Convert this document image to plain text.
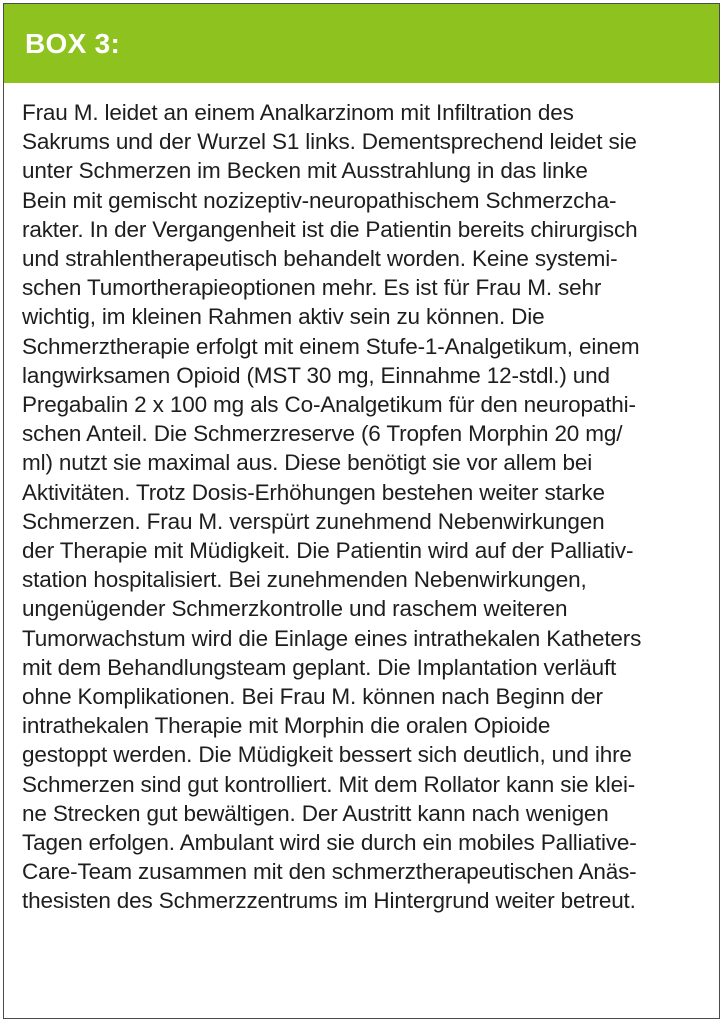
BOX 3:
Frau M. leidet an einem Analkarzinom mit Infiltration des
Sakrums und der Wurzel S1 links. Dementsprechend leidet sie
unter Schmerzen im Becken mit Ausstrahlung in das linke
Bein mit gemischt nozizeptiv-neuropathischem Schmerzcha-
rakter. In der Vergangenheit ist die Patientin bereits chirurgisch
und strahlentherapeutisch behandelt worden. Keine systemi-
schen Tumortherapieoptionen mehr. Es ist für Frau M. sehr
wichtig, im kleinen Rahmen aktiv sein zu können. Die
Schmerztherapie erfolgt mit einem Stufe-1-Analgetikum, einem
langwirksamen Opioid (MST 30 mg, Einnahme 12-stdl.) und
Pregabalin 2 x 100 mg als Co-Analgetikum für den neuropathi-
schen Anteil. Die Schmerzreserve (6 Tropfen Morphin 20 mg/
ml) nutzt sie maximal aus. Diese benötigt sie vor allem bei
Aktivitäten. Trotz Dosis-Erhöhungen bestehen weiter starke
Schmerzen. Frau M. verspürt zunehmend Nebenwirkungen
der Therapie mit Müdigkeit. Die Patientin wird auf der Palliativ-
station hospitalisiert. Bei zunehmenden Nebenwirkungen,
ungenügender Schmerzkontrolle und raschem weiteren
Tumorwachstum wird die Einlage eines intrathekalen Katheters
mit dem Behandlungsteam geplant. Die Implantation verläuft
ohne Komplikationen. Bei Frau M. können nach Beginn der
intrathekalen Therapie mit Morphin die oralen Opioide
gestoppt werden. Die Müdigkeit bessert sich deutlich, und ihre
Schmerzen sind gut kontrolliert. Mit dem Rollator kann sie klei-
ne Strecken gut bewältigen. Der Austritt kann nach wenigen
Tagen erfolgen. Ambulant wird sie durch ein mobiles Palliative-
Care-Team zusammen mit den schmerztherapeutischen Anäs-
thesisten des Schmerzzentrums im Hintergrund weiter betreut.
